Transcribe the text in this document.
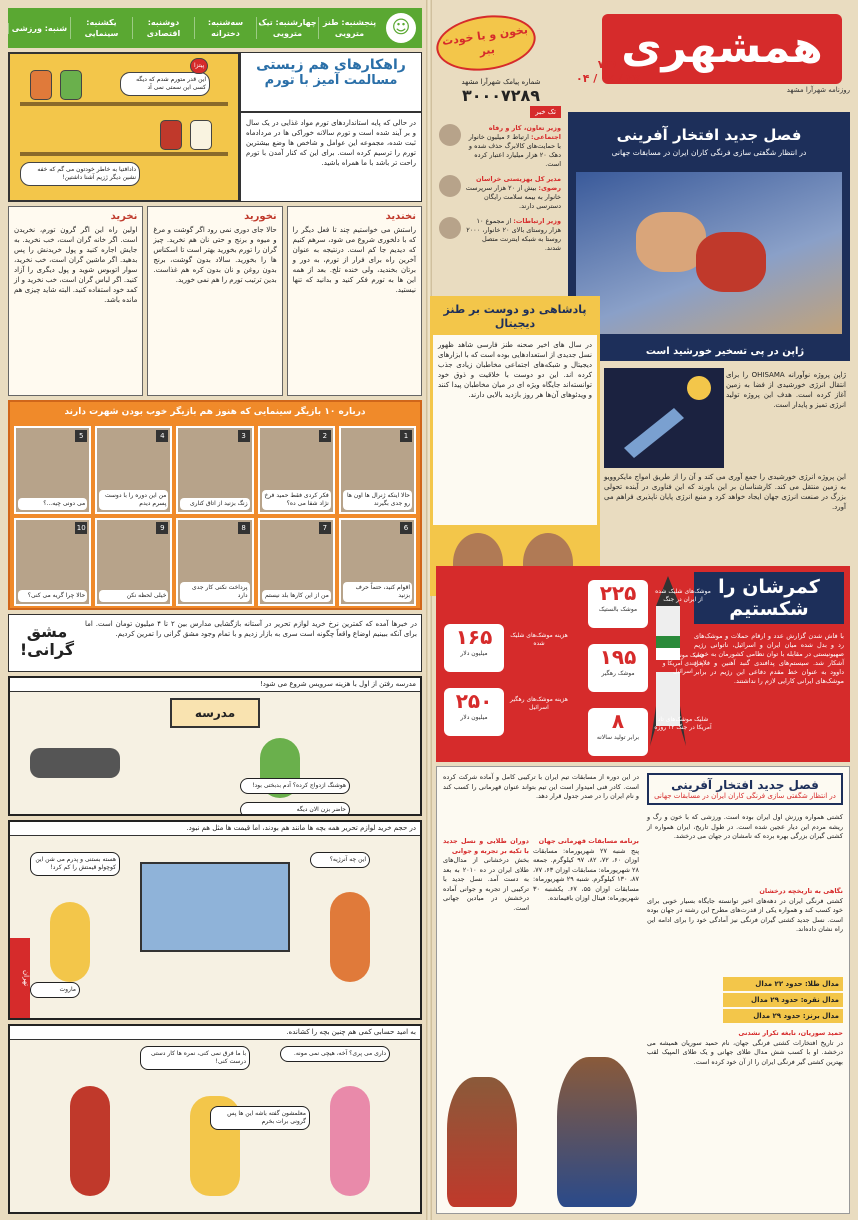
☺
پنجشنبه: طنز مترویی
چهارشنبه: تیک مترویی
سه‌شنبه: دخترانه
دوشنبه: اقتصادی
یکشنبه: سینمایی
شنبه: ورزشی
این قدر متورم شدم که دیگه کسی این سمتی نمی آد
دادافتیا به خاطر خودتون می گم که خفه نشین دیگر ژزیم آشنا داشتین!
پیتزا	راهکارهای هم زیستی
مسالمت آمیز با تورم
در حالی که پایه استانداردهای تورم مواد غذایی در یک سال و بر آیند شده است و تورم سالانه خوراکی ها در مردادماه ثبت شده، مجموعه این عوامل و شاخص ها وضع بیشترین تورم را ترسیم کرده است. برای این که کنار آمدن با تورم راحت تر باشد با ما همراه باشید.
نخندید
راستش می خواستیم چند تا فعل دیگر را که با دلخوری شروع می شود، سرهم کنیم که دیدیم جا کم است. درنتیجه به عنوان آخرین راه برای فرار از تورم، به دور و برتان بخندید، ولی خنده تلخ. بعد از همه این ها به تورم فکر کنید و بدانید که تنها نیستید.
نخورید
حالا جای دوری نمی رود اگر گوشت و مرغ و میوه و برنج و حتی نان هم نخرید. چیز گران را تورم بخورید بهتر است تا اسکناس ها را بخورید. سالاد بدون گوشت، برنج بدون روغن و نان بدون کره هم غذاست. بدین ترتیب تورم را هم نمی خورید.
نخرید
اولین راه این اگر گرون تورم، نخریدن است. اگر خانه گران است، خب نخرید. به جایش اجاره کنید و پول خریدنش را پس بدهید. اگر ماشین گران است، خب نخرید، سوار اتوبوس شوید و پول دیگری را آزاد کنید. اگر لباس گران است، خب نخرید و از کمد خود استفاده کنید. البته شاید چیزی هم مانده باشد.
درباره ۱۰ بازیگر سینمایی که هنوز هم بازیگر خوب بودن شهرت دارند
1
حالا اینکه ژنرال ها اون ها رو جدی بگیرند
2
فکر کردی فقط حمید فرخ نژاد شفا می ده؟
3
زنگ بزنید از اتاق کناری
4
من این دوره را با دوست پسرم دیدم
5
می دونی چیه...؟
6
اقوام کنید، حتماً حرف بزنید
7
من از این کارها بلد نیستم
8
پرداخت نکنی کار جدی دارد
9
خیلی لحظه نکن
10
حالا چرا گریه می کنی؟
مشق گرانی!
در خبرها آمده که کمترین نرخ خرید لوازم تحریر در آستانه بازگشایی مدارس بین ۲ تا ۴ میلیون تومان است. اما برای آنکه ببینیم اوضاع واقعاً چگونه است سری به بازار زدیم و با تمام وجود مشق گرانی را تمرین کردیم.
مدرسه رفتن از اول با هزینه سرویس شروع می شود!
مدرسه
هوشنگ ازدواج کرده؟ آدم بدبختی بود!
حاضر بزن الان دیگه
در حجم خرید لوازم تحریر همه بچه ها مانند هم بودند، اما قیمت ها مثل هم نبود.
هسته بستنی و پدرم می شن این کوچولو قیمتش را کم کرد!
این چه آنرژیه؟
ماروت
تهران
به امید حسابی کمی هم چنین بچه را کشانده.
با ما فرق نمی کنی، نمره ها کار دستی درست کنی!
داری می پری؟ آخه، هیچی نمی مونه.
معلمشون گفته باشه این ها پس گرونی برات بخرم
همشهری
روزنامه شهرآرا مشهد
۷۳۱
۲۷ / ۰۶ / ۰۴
بخون و با خودت ببر
شماره پیامک شهرآرا مشهد
۳۰۰۰۷۲۸۹
تک خبر
وزیر تعاون، کار و رفاه اجتماعی: ارتباط ۶ میلیون خانوار با حمایت‌های کالابرگ حذف شده و دهک ۲۰ هزار میلیارد اعتبار کرده است.
مدیر کل بهزیستی خراسان رضوی: بیش از ۲۰ هزار سرپرست خانوار به بیمه سلامت رایگان دسترسی دارند.
وزیر ارتباطات: از مجموع ۱۰ هزار روستای بالای ۲۰ خانوار، ۲۰۰۰ روستا به شبکه اینترنت متصل شدند.
فصل جدید افتخار آفرینی
در انتظار شگفتی سازی فرنگی کاران ایران در مسابقات جهانی
ژاپن در پی تسخیر خورشید است
ژاپن پروژه نوآورانه OHISAMA را برای انتقال انرژی خورشیدی از فضا به زمین آغاز کرده است. هدف این پروژه تولید انرژی تمیز و پایدار است.
این پروژه انرژی خورشیدی را جمع آوری می کند و آن را از طریق امواج مایکروویو به زمین منتقل می کند. کارشناسان بر این باورند که این فناوری در آینده تحولی بزرگ در صنعت انرژی جهان ایجاد خواهد کرد و منبع انرژی پایان ناپذیری فراهم می آورد.
پادشاهی دو دوست بر طنز دیجیتال
در سال های اخیر صحنه طنز فارسی شاهد ظهور نسل جدیدی از استعدادهایی بوده است که با ابزارهای دیجیتال و شبکه‌های اجتماعی مخاطبان زیادی جذب کرده اند. این دو دوست با خلاقیت و ذوق خود توانسته‌اند جایگاه ویژه ای در میان مخاطبان پیدا کنند و ویدئوهای آن‌ها هر روز بازدید بالایی دارند.
کمرشان را شکستیم
با فاش شدن گزارش عدد و ارقام حملات و موشک‌های رد و بدل شده میان ایران و اسرائیل، ناتوانی رژیم صهیونیستی در مقابله با توان نظامی کشورمان به خوبی آشکار شد. سیستم‌های پدافندی گنبد آهنین و فلاخن داوود به عنوان خط مقدم دفاعی این رژیم در برابر موشک‌های ایرانی کارایی لازم را نداشتند.
۲۲۵
موشک بالستیک
موشک‌های شلیک شده از ایران در جنگ
۱۹۵
موشک رهگیر
شلیک موشک‌های پدافندی آمریکا و اسرائیل
۸
برابر تولید سالانه
شلیک موشک‌های تاد آمریکا در جنگ ۱۲ روزه
۱۶۵
میلیون دلار
هزینه موشک‌های شلیک شده
۲۵۰
میلیون دلار
هزینه موشک‌های رهگیر اسرائیل
فصل جدید افتخار آفرینی
در انتظار شگفتی سازی فرنگی کاران ایران در مسابقات جهانی
کشتی همواره ورزش اول ایران بوده است. ورزشی که با خون و رگ و ریشه مردم این دیار عجین شده است. در طول تاریخ، ایران همواره از کشتی گیران بزرگی بهره برده که نامشان در جهان می درخشد.
نگاهی به تاریخچه درخشان
کشتی فرنگی ایران در دهه‌های اخیر توانسته جایگاه بسیار خوبی برای خود کسب کند و همواره یکی از قدرت‌های مطرح این رشته در جهان بوده است. نسل جدید کشتی گیران فرنگی نیز آمادگی خود را برای ادامه این راه نشان داده‌اند.
مدال طلا: حدود ۲۲ مدال
مدال نقره: حدود ۲۹ مدال
مدال برنز: حدود ۲۹ مدال
حمید سوریان، نابغه تکرار نشدنی
در تاریخ افتخارات کشتی فرنگی جهان، نام حمید سوریان همیشه می درخشد. او با کسب شش مدال طلای جهانی و یک طلای المپیک لقب بهترین کشتی گیر فرنگی ایران را از آن خود کرده است.
در این دوره از مسابقات تیم ایران با ترکیبی کامل و آماده شرکت کرده است. کادر فنی امیدوار است این تیم بتواند عنوان قهرمانی را کسب کند و نام ایران را در صدر جدول قرار دهد.
برنامه مسابقات قهرمانی جهان
پنج شنبه ۲۷ شهریورماه: مسابقات اوزان ۶۰، ۷۲، ۸۲، ۹۷ کیلوگرم. جمعه ۲۸ شهریورماه: مسابقات اوزان ۶۳، ۷۷، ۸۷، ۱۳۰ کیلوگرم. شنبه ۲۹ شهریورماه: مسابقات اوزان ۵۵، ۶۷. یکشنبه ۳۰ شهریورماه: فینال اوزان باقیمانده.
دوران طلایی و نسل جدید با تکیه بر تجربه و جوانی
بخش درخشانی از مدال‌های طلای ایران در ده ۲۰۱۰ به بعد به دست آمد. نسل جدید با ترکیبی از تجربه و جوانی آماده درخشش در میادین جهانی است.
